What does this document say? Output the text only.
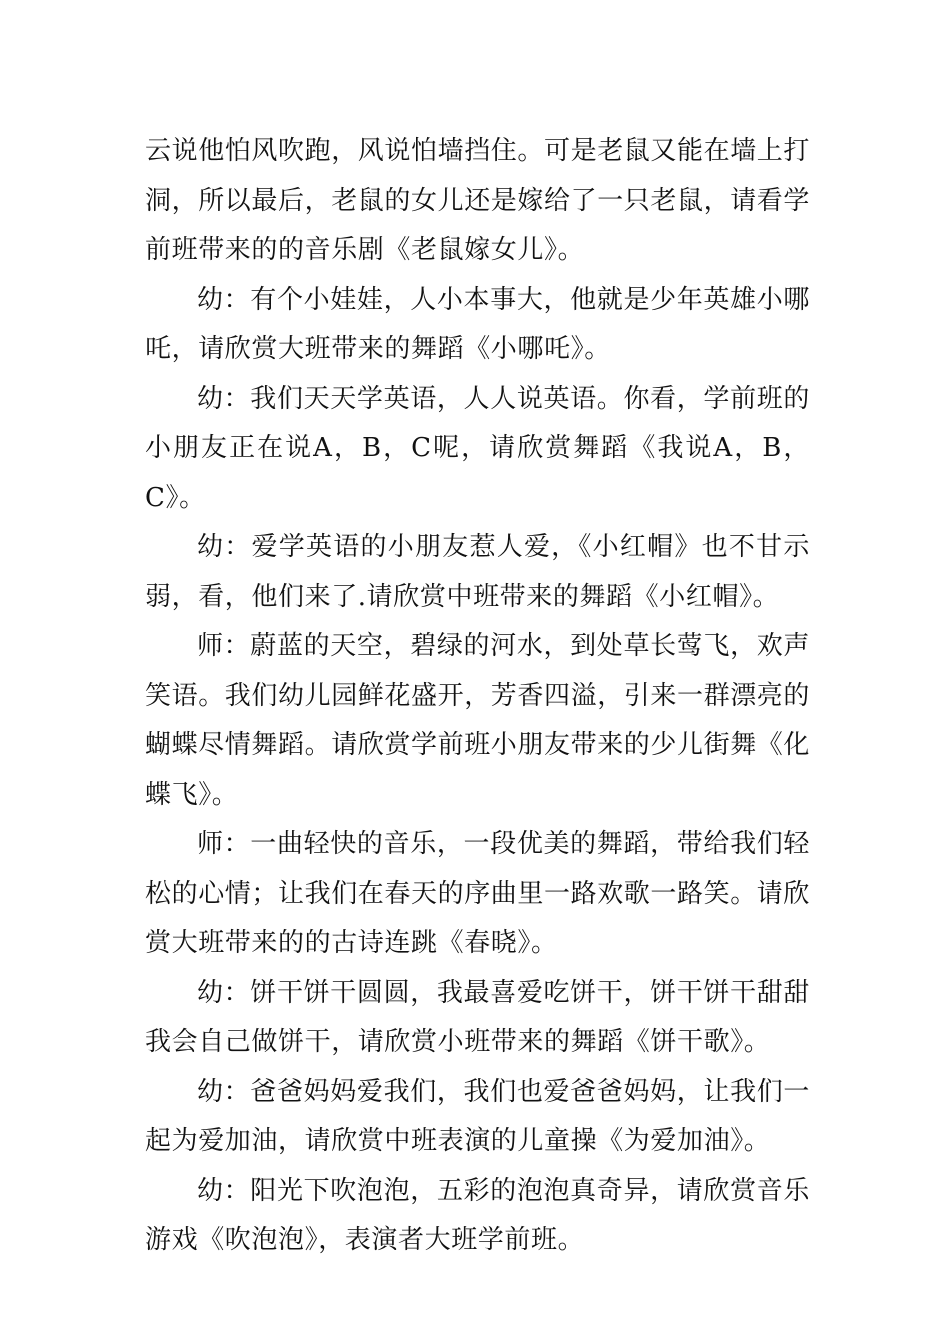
云说他怕风吹跑，风说怕墙挡住。可是老鼠又能在墙上打洞，所以最后，老鼠的女儿还是嫁给了一只老鼠，请看学前班带来的的音乐剧《老鼠嫁女儿》。

幼：有个小娃娃，人小本事大，他就是少年英雄小哪吒，请欣赏大班带来的舞蹈《小哪吒》。

幼：我们天天学英语，人人说英语。你看，学前班的小朋友正在说A，B，C呢，请欣赏舞蹈《我说A，B，C》。

幼：爱学英语的小朋友惹人爱，《小红帽》也不甘示弱，看，他们来了.请欣赏中班带来的舞蹈《小红帽》。

师：蔚蓝的天空，碧绿的河水，到处草长莺飞，欢声笑语。我们幼儿园鲜花盛开，芳香四溢，引来一群漂亮的蝴蝶尽情舞蹈。请欣赏学前班小朋友带来的少儿街舞《化蝶飞》。

师：一曲轻快的音乐，一段优美的舞蹈，带给我们轻松的心情；让我们在春天的序曲里一路欢歌一路笑。请欣赏大班带来的的古诗连跳《春晓》。

幼：饼干饼干圆圆，我最喜爱吃饼干，饼干饼干甜甜我会自己做饼干，请欣赏小班带来的舞蹈《饼干歌》。

幼：爸爸妈妈爱我们，我们也爱爸爸妈妈，让我们一起为爱加油，请欣赏中班表演的儿童操《为爱加油》。

幼：阳光下吹泡泡，五彩的泡泡真奇异，请欣赏音乐游戏《吹泡泡》，表演者大班学前班。
